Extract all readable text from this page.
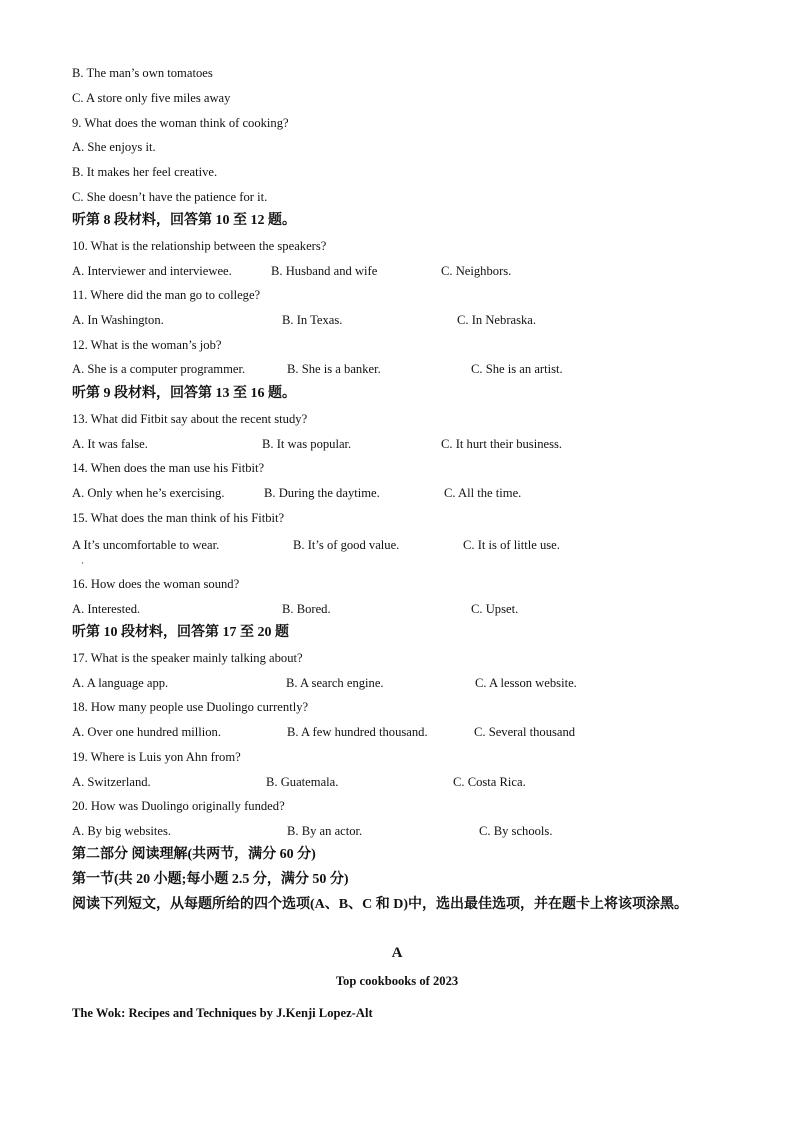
B. The man’s own tomatoes
C. A store only five miles away
9. What does the woman think of cooking?
A. She enjoys it.
B. It makes her feel creative.
C. She doesn’t have the patience for it.
听第 8 段材料，回答第 10 至 12 题。
10. What is the relationship between the speakers?
A. Interviewer and interviewee.	B. Husband and wife	C. Neighbors.
11. Where did the man go to college?
A. In Washington.	B. In Texas.	C. In Nebraska.
12. What is the woman’s job?
A. She is a computer programmer.	B. She is a banker.	C. She is an artist.
听第 9 段材料，回答第 13 至 16 题。
13. What did Fitbit say about the recent study?
A. It was false.	B. It was popular.	C. It hurt their business.
14. When does the man use his Fitbit?
A. Only when he’s exercising.	B. During the daytime.	C. All the time.
15. What does the man think of his Fitbit?
A It’s uncomfortable to wear.	B. It’s of good value.	C. It is of little use.
·
16. How does the woman sound?
A. Interested.	B. Bored.	C. Upset.
听第 10 段材料，回答第 17 至 20 题
17. What is the speaker mainly talking about?
A. A language app.	B. A search engine.	C. A lesson website.
18. How many people use Duolingo currently?
A. Over one hundred million.	B. A few hundred thousand.	C. Several thousand
19. Where is Luis yon Ahn from?
A. Switzerland.	B. Guatemala.	C. Costa Rica.
20. How was Duolingo originally funded?
A. By big websites.	B. By an actor.	C. By schools.
第二部分 阅读理解(共两节，满分 60 分)
第一节(共 20 小题;每小题 2.5 分，满分 50 分)
阅读下列短文，从每题所给的四个选项(A、B、C 和 D)中，选出最佳选项，并在题卡上将该项涂黑。
A
Top cookbooks of 2023
The Wok: Recipes and Techniques by J.Kenji Lopez-Alt
